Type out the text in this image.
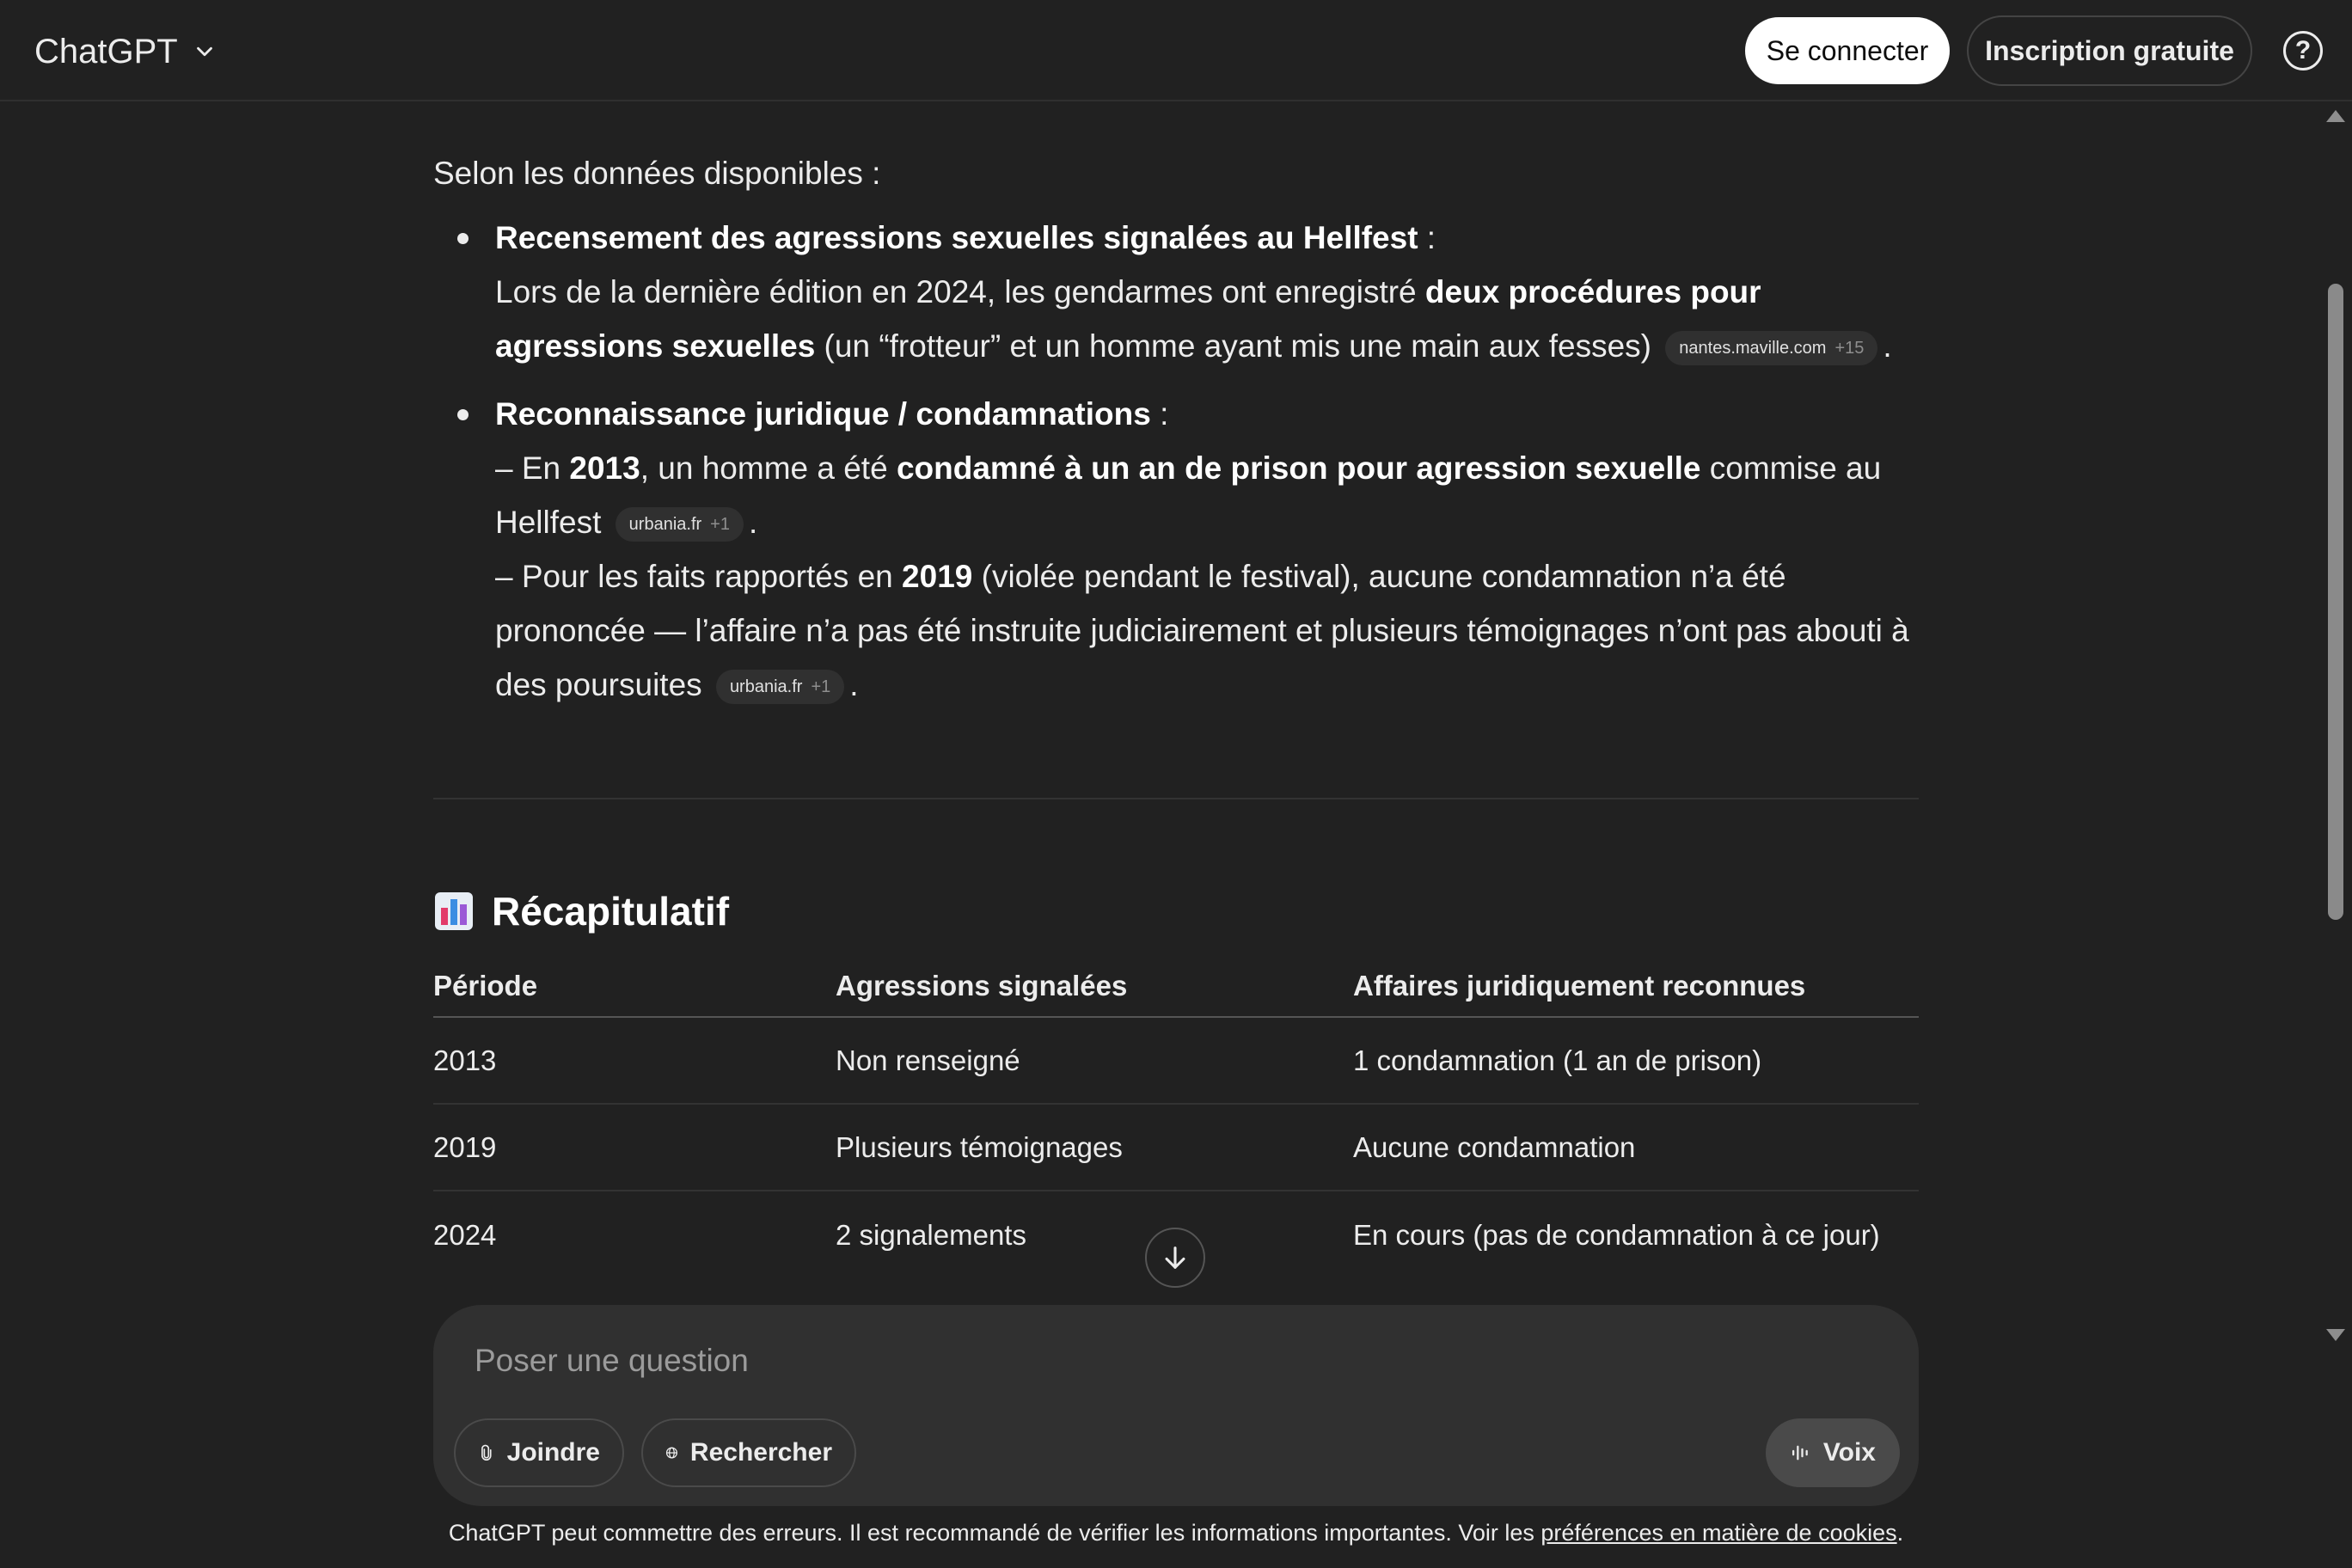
ChatGPT	Se connecter	Inscription gratuite	?

Selon les données disponibles :

Recensement des agressions sexuelles signalées au Hellfest :
Lors de la dernière édition en 2024, les gendarmes ont enregistré deux procédures pour agressions sexuelles (un “frotteur” et un homme ayant mis une main aux fesses) nantes.maville.com +15 .
Reconnaissance juridique / condamnations :
– En 2013, un homme a été condamné à un an de prison pour agression sexuelle commise au Hellfest urbania.fr +1 .
– Pour les faits rapportés en 2019 (violée pendant le festival), aucune condamnation n’a été prononcée — l’affaire n’a pas été instruite judiciairement et plusieurs témoignages n’ont pas abouti à des poursuites urbania.fr +1 .
Récapitulatif
Période	Agressions signalées	Affaires juridiquement reconnues
2013	Non renseigné	1 condamnation (1 an de prison)
2019	Plusieurs témoignages	Aucune condamnation
2024	2 signalements	En cours (pas de condamnation à ce jour)
Poser une question
Joindre	Rechercher	Voix
ChatGPT peut commettre des erreurs. Il est recommandé de vérifier les informations importantes. Voir les préférences en matière de cookies.
